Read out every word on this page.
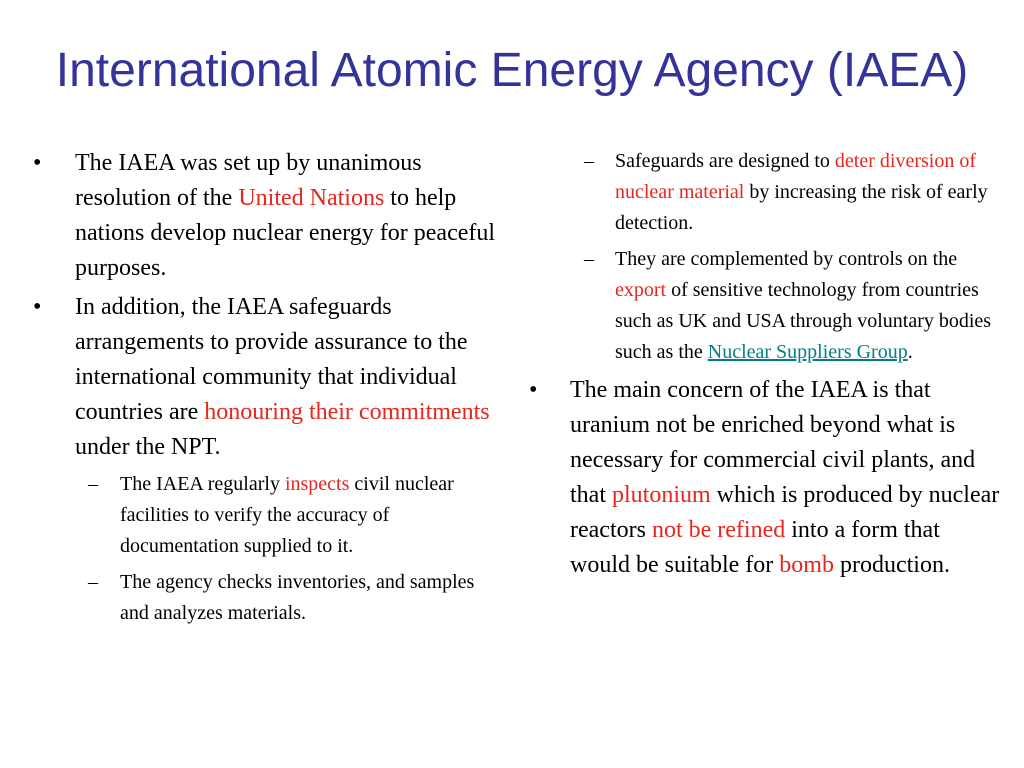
International Atomic Energy Agency (IAEA)
• The IAEA was set up by unanimous resolution of the United Nations to help nations develop nuclear energy for peaceful purposes.
• In addition, the IAEA safeguards arrangements to provide assurance to the international community that individual countries are honouring their commitments under the NPT.
– The IAEA regularly inspects civil nuclear facilities to verify the accuracy of documentation supplied to it.
– The agency checks inventories, and samples and analyzes materials.
– Safeguards are designed to deter diversion of nuclear material by increasing the risk of early detection.
– They are complemented by controls on the export of sensitive technology from countries such as UK and USA through voluntary bodies such as the Nuclear Suppliers Group.
• The main concern of the IAEA is that uranium not be enriched beyond what is necessary for commercial civil plants, and that plutonium which is produced by nuclear reactors not be refined into a form that would be suitable for bomb production.
